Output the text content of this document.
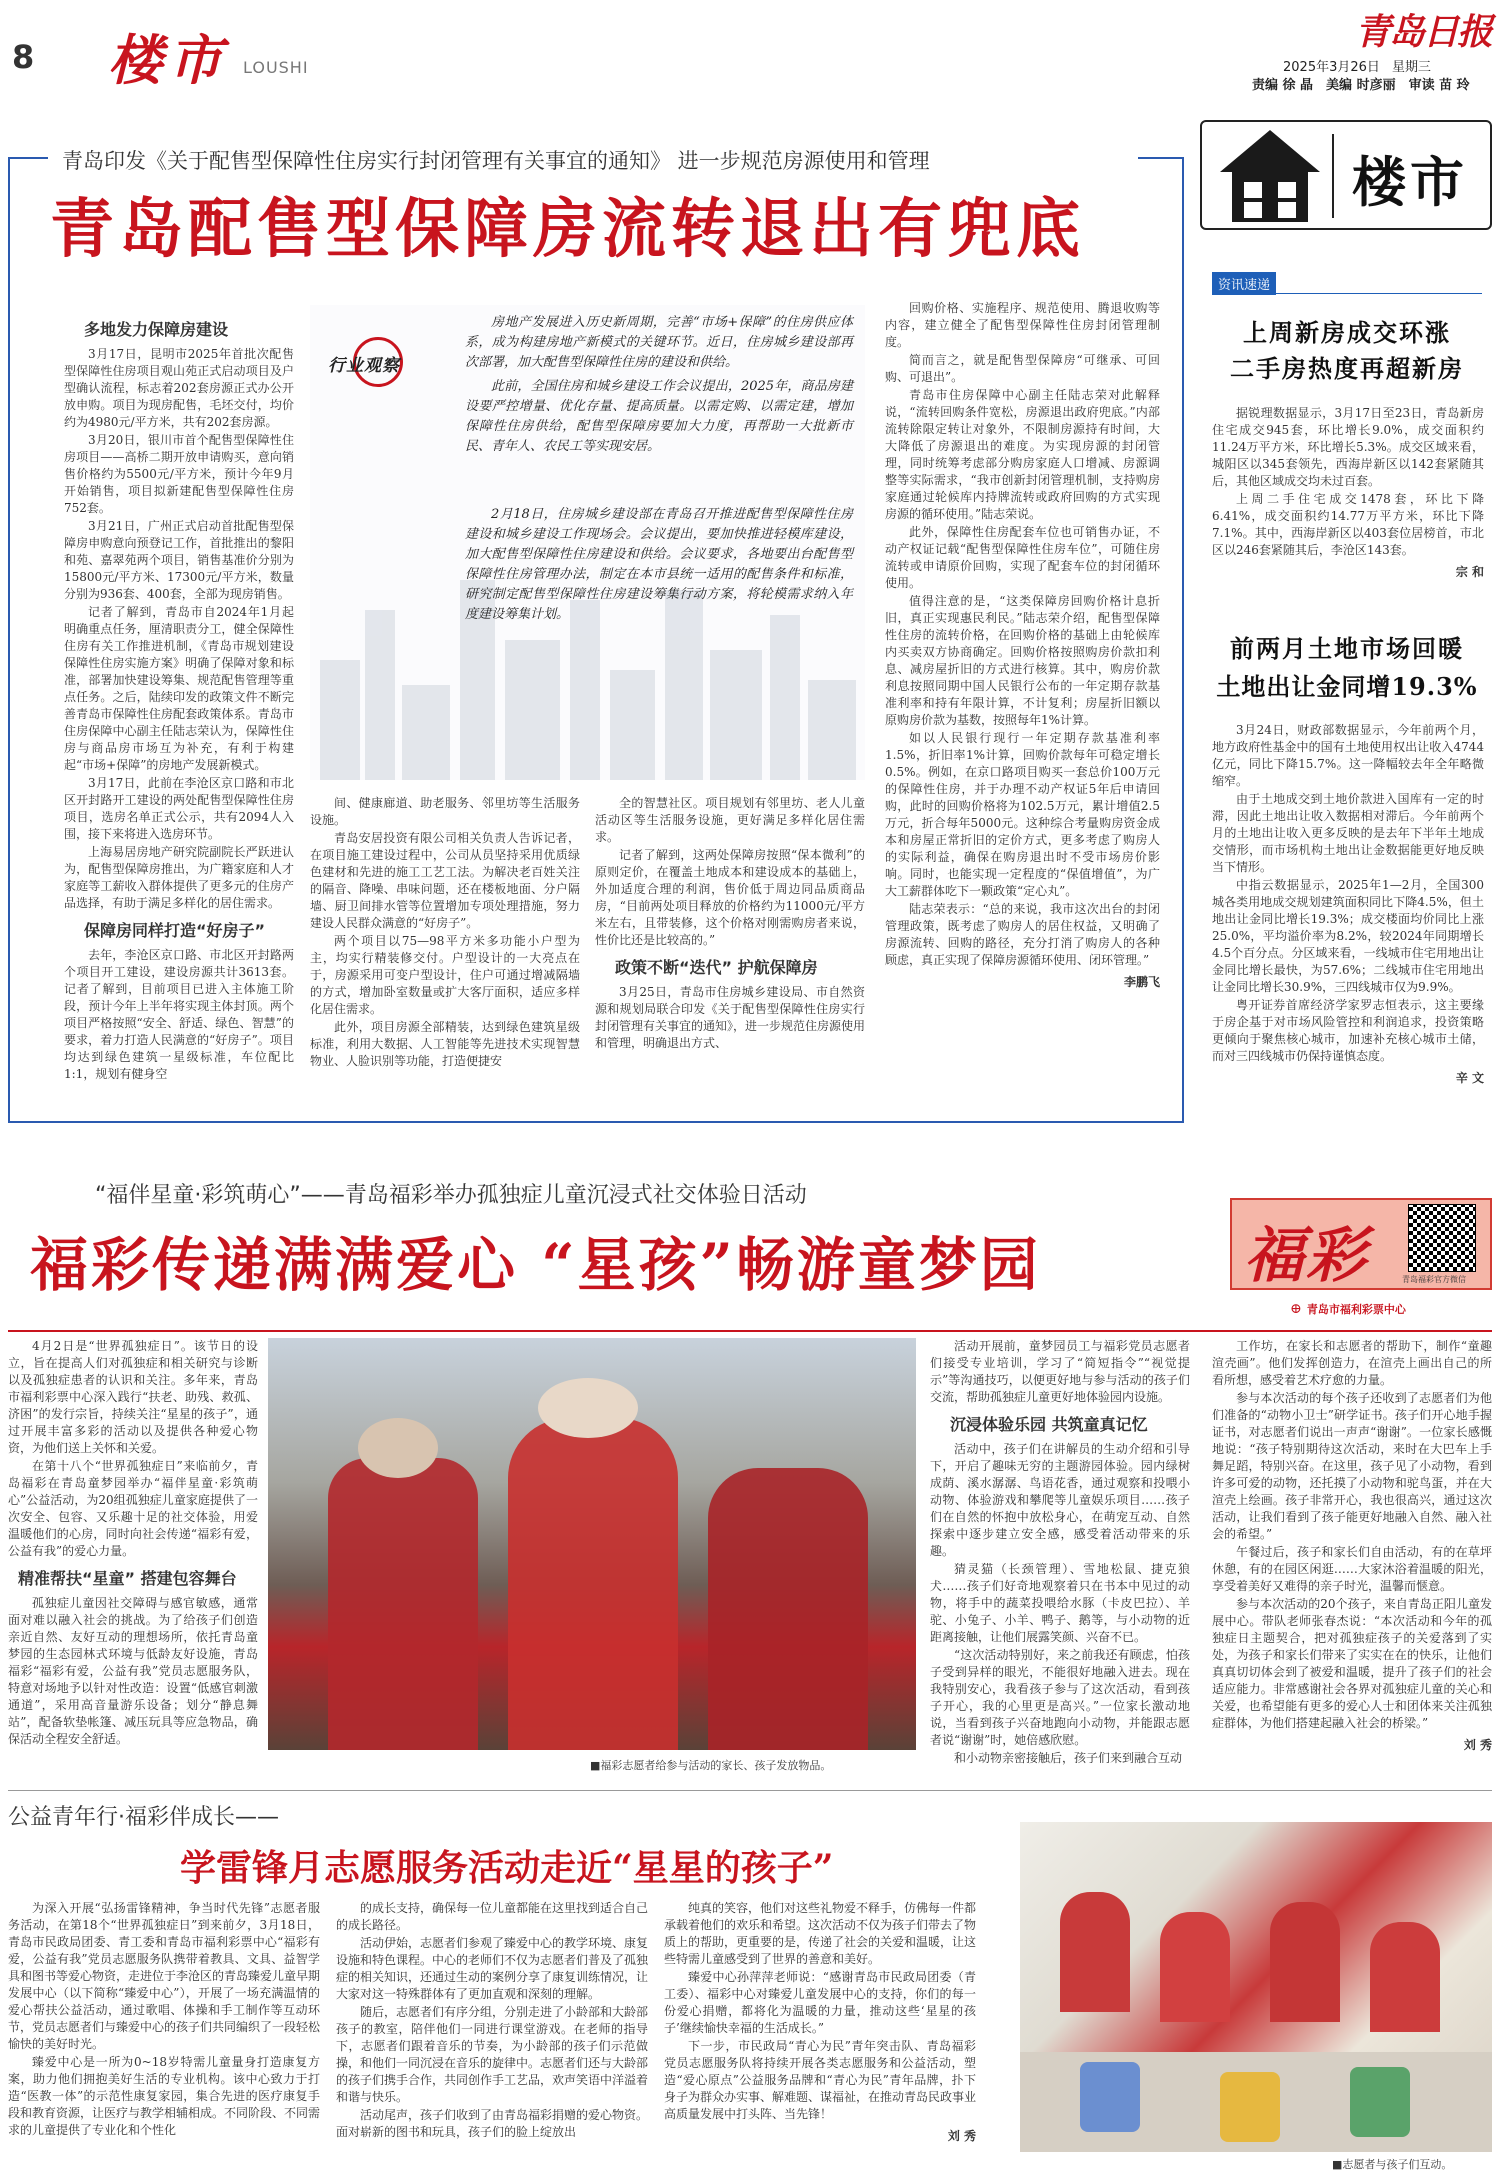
8 楼市 LOUSHI
青岛日报
2025年3月26日 星期三
责编 徐 晶　美编 时彦丽　审读 苗 玲
青岛印发《关于配售型保障性住房实行封闭管理有关事宜的通知》 进一步规范房源使用和管理
青岛配售型保障房流转退出有兜底
多地发力保障房建设

3月17日，昆明市2025年首批次配售型保障性住房项目观山苑正式启动项目及户型确认流程，标志着202套房源正式办公开放申购。项目为现房配售，毛坯交付，均价约为4980元/平方米，共有202套房源。

3月20日，银川市首个配售型保障性住房项目——高桥二期开放申请购买，意向销售价格约为5500元/平方米，预计今年9月开始销售，项目拟新建配售型保障性住房752套。

3月21日，广州正式启动首批配售型保障房申购意向预登记工作，首批推出的黎阳和苑、嘉翠苑两个项目，销售基准价分别为15800元/平方米、17300元/平方米，数量分别为936套、400套，全部为现房销售。

记者了解到，青岛市自2024年1月起明确重点任务，厘清职责分工，健全保障性住房有关工作推进机制，《青岛市规划建设保障性住房实施方案》明确了保障对象和标准，部署加快建设筹集、规范配售管理等重点任务。之后，陆续印发的政策文件不断完善青岛市保障性住房配套政策体系。青岛市住房保障中心副主任陆志荣认为，保障性住房与商品房市场互为补充，有利于构建起“市场+保障”的房地产发展新模式。

3月17日，此前在李沧区京口路和市北区开封路开工建设的两处配售型保障性住房项目，选房名单正式公示，共有2094人入围，接下来将进入选房环节。

上海易居房地产研究院副院长严跃进认为，配售型保障房推出，为广籍家庭和人才家庭等工薪收入群体提供了更多元的住房产品选择，有助于满足多样化的居住需求。

保障房同样打造“好房子”

去年，李沧区京口路、市北区开封路两个项目开工建设，建设房源共计3613套。记者了解到，目前项目已进入主体施工阶段，预计今年上半年将实现主体封顶。两个项目严格按照“安全、舒适、绿色、智慧”的要求，着力打造人民满意的“好房子”。项目均达到绿色建筑一星级标准，车位配比1:1，规划有健身空

行业观察

房地产发展进入历史新周期，完善“市场+保障”的住房供应体系，成为构建房地产新模式的关键环节。近日，住房城乡建设部再次部署，加大配售型保障性住房的建设和供给。

此前，全国住房和城乡建设工作会议提出，2025年，商品房建设要严控增量、优化存量、提高质量。以需定购、以需定建，增加保障性住房供给，配售型保障房要加大力度，再帮助一大批新市民、青年人、农民工等实现安居。

2月18日，住房城乡建设部在青岛召开推进配售型保障性住房建设和城乡建设工作现场会。会议提出，要加快推进轻模库建设，加大配售型保障性住房建设和供给。会议要求，各地要出台配售型保障性住房管理办法，制定在本市县统一适用的配售条件和标准，研究制定配售型保障性住房建设筹集行动方案，将轮模需求纳入年度建设筹集计划。

间、健康廊道、助老服务、邻里坊等生活服务设施。

青岛安居投资有限公司相关负责人告诉记者，在项目施工建设过程中，公司从员坚持采用优质绿色建材和先进的施工工艺工法。为解决老百姓关注的隔音、降噪、串味问题，还在楼板地面、分户隔墙、厨卫间排水管等位置增加专项处理措施，努力建设人民群众满意的“好房子”。

两个项目以75—98平方米多功能小户型为主，均实行精装修交付。户型设计的一大亮点在于，房源采用可变户型设计，住户可通过增减隔墙的方式，增加卧室数量或扩大客厅面积，适应多样化居住需求。

此外，项目房源全部精装，达到绿色建筑星级标准，利用大数据、人工智能等先进技术实现智慧物业、人脸识别等功能，打造便捷安

全的智慧社区。项目规划有邻里坊、老人儿童活动区等生活服务设施，更好满足多样化居住需求。

记者了解到，这两处保障房按照“保本微利”的原则定价，在覆盖土地成本和建设成本的基础上，外加适度合理的利润，售价低于周边同品质商品房，“目前两处项目释放的价格约为11000元/平方米左右，且带装修，这个价格对刚需购房者来说，性价比还是比较高的。”

政策不断“迭代” 护航保障房

3月25日，青岛市住房城乡建设局、市自然资源和规划局联合印发《关于配售型保障性住房实行封闭管理有关事宜的通知》，进一步规范住房源使用和管理，明确退出方式、

回购价格、实施程序、规范使用、腾退收购等内容，建立健全了配售型保障性住房封闭管理制度。

简而言之，就是配售型保障房“可继承、可回购、可退出”。

青岛市住房保障中心副主任陆志荣对此解释说，“流转回购条件宽松，房源退出政府兜底。”内部流转除限定转让对象外，不限制房源持有时间，大大降低了房源退出的难度。为实现房源的封闭管理，同时统筹考虑部分购房家庭人口增减、房源调整等实际需求，“我市创新封闭管理机制，支持购房家庭通过轮候库内持牌流转或政府回购的方式实现房源的循环使用。”陆志荣说。

此外，保障性住房配套车位也可销售办证，不动产权证记载“配售型保障性住房车位”，可随住房流转或申请原价回购，实现了配套车位的封闭循环使用。

值得注意的是，“这类保障房回购价格计息折旧，真正实现惠民利民。”陆志荣介绍，配售型保障性住房的流转价格，在回购价格的基础上由轮候库内买卖双方协商确定。回购价格按照购房价款扣利息、减房屋折旧的方式进行核算。其中，购房价款利息按照同期中国人民银行公布的一年定期存款基准利率和持有年限计算，不计复利；房屋折旧额以原购房价款为基数，按照每年1%计算。

如以人民银行现行一年定期存款基准利率1.5%，折旧率1%计算，回购价款每年可稳定增长0.5%。例如，在京口路项目购买一套总价100万元的保障性住房，并于办理不动产权证5年后申请回购，此时的回购价格将为102.5万元，累计增值2.5万元，折合每年5000元。这种综合考量购房资金成本和房屋正常折旧的定价方式，更多考虑了购房人的实际利益，确保在购房退出时不受市场房价影响。同时，也能实现一定程度的“保值增值”，为广大工薪群体吃下一颗政策“定心丸”。

陆志荣表示：“总的来说，我市这次出台的封闭管理政策，既考虑了购房人的居住权益，又明确了房源流转、回购的路径，充分打消了购房人的各种顾虑，真正实现了保障房源循环使用、闭环管理。”

李鹏飞
楼市
资讯速递
上周新房成交环涨
二手房热度再超新房

据锐理数据显示，3月17日至23日，青岛新房住宅成交945套，环比增长9.0%，成交面积约11.24万平方米，环比增长5.3%。成交区域来看，城阳区以345套领先，西海岸新区以142套紧随其后，其他区域成交均未过百套。

上周二手住宅成交1478套，环比下降6.41%，成交面积约14.77万平方米，环比下降7.1%。其中，西海岸新区以403套位居榜首，市北区以246套紧随其后，李沧区143套。

宗 和
前两月土地市场回暖
土地出让金同增19.3%

3月24日，财政部数据显示，今年前两个月，地方政府性基金中的国有土地使用权出让收入4744亿元，同比下降15.7%。这一降幅较去年全年略微缩窄。

由于土地成交到土地价款进入国库有一定的时滞，因此土地出让收入数据相对滞后。今年前两个月的土地出让收入更多反映的是去年下半年土地成交情形，而市场机构土地出让金数据能更好地反映当下情形。

中指云数据显示，2025年1—2月，全国300城各类用地成交规划建筑面积同比下降4.5%，但土地出让金同比增长19.3%；成交楼面均价同比上涨25.0%，平均溢价率为8.2%，较2024年同期增长4.5个百分点。分区域来看，一线城市住宅用地出让金同比增长最快，为57.6%；二线城市住宅用地出让金同比增长30.9%，三四线城市仅为9.9%。

粤开证券首席经济学家罗志恒表示，这主要缘于房企基于对市场风险管控和利润追求，投资策略更倾向于聚焦核心城市，加速补充核心城市土储，而对三四线城市仍保持谨慎态度。

辛 文
“福伴星童·彩筑萌心”——青岛福彩举办孤独症儿童沉浸式社交体验日活动
福彩传递满满爱心 “星孩”畅游童梦园	福彩	青岛福彩官方微信
⊕ 青岛市福利彩票中心

4月2日是“世界孤独症日”。该节日的设立，旨在提高人们对孤独症和相关研究与诊断以及孤独症患者的认识和关注。多年来，青岛市福利彩票中心深入践行“扶老、助残、救孤、济困”的发行宗旨，持续关注“星星的孩子”，通过开展丰富多彩的活动以及提供各种爱心物资，为他们送上关怀和关爱。

在第十八个“世界孤独症日”来临前夕，青岛福彩在青岛童梦园举办“福伴星童·彩筑萌心”公益活动，为20组孤独症儿童家庭提供了一次安全、包容、又乐趣十足的社交体验，用爱温暖他们的心房，同时向社会传递“福彩有爱，公益有我”的爱心力量。

精准帮扶“星童” 搭建包容舞台

孤独症儿童因社交障碍与感官敏感，通常面对难以融入社会的挑战。为了给孩子们创造亲近自然、友好互动的理想场所，依托青岛童梦园的生态园林式环境与低龄友好设施，青岛福彩“福彩有爱，公益有我”党员志愿服务队，特意对场地予以针对性改造：设置“低感官刺激通道”，采用高音量游乐设备；划分“静息舞站”，配备软垫帐篷、减压玩具等应急物品，确保活动全程安全舒适。

■福彩志愿者给参与活动的家长、孩子发放物品。

活动开展前，童梦园员工与福彩党员志愿者们接受专业培训，学习了“简短指令”“视觉提示”等沟通技巧，以便更好地与参与活动的孩子们交流，帮助孤独症儿童更好地体验园内设施。

沉浸体验乐园 共筑童真记忆

活动中，孩子们在讲解员的生动介绍和引导下，开启了趣味无穷的主题游园体验。园内绿树成荫、溪水潺潺、鸟语花香，通过观察和投喂小动物、体验游戏和攀爬等儿童娱乐项目……孩子们在自然的怀抱中放松身心，在萌宠互动、自然探索中逐步建立安全感，感受着活动带来的乐趣。

猜灵猫（长颈管理）、雪地松鼠、捷克狼犬……孩子们好奇地观察着只在书本中见过的动物，将手中的蔬菜投喂给水豚（卡皮巴拉）、羊驼、小兔子、小羊、鸭子、鹅等，与小动物的近距离接触，让他们展露笑颜、兴奋不已。

“这次活动特别好，来之前我还有顾虑，怕孩子受到异样的眼光，不能很好地融入进去。现在我特别安心，我看孩子参与了这次活动，看到孩子开心，我的心里更是高兴。”一位家长激动地说，当看到孩子兴奋地跑向小动物，并能跟志愿者说“谢谢”时，她倍感欣慰。

和小动物亲密接触后，孩子们来到融合互动

工作坊，在家长和志愿者的帮助下，制作“童趣渲壳画”。他们发挥创造力，在渲壳上画出自己的所看所想，感受着艺术疗愈的力量。

参与本次活动的每个孩子还收到了志愿者们为他们准备的“动物小卫士”研学证书。孩子们开心地手握证书，对志愿者们说出一声声“谢谢”。一位家长感慨地说：“孩子特别期待这次活动，来时在大巴车上手舞足蹈，特别兴奋。在这里，孩子见了小动物，看到许多可爱的动物，还托摸了小动物和驼鸟蛋，并在大渲壳上绘画。孩子非常开心，我也很高兴，通过这次活动，让我们看到了孩子能更好地融入自然、融入社会的希望。”

午餐过后，孩子和家长们自由活动，有的在草坪休憩，有的在园区闲逛……大家沐浴着温暖的阳光，享受着美好又难得的亲子时光，温馨而惬意。

参与本次活动的20个孩子，来自青岛正阳儿童发展中心。带队老师张春杰说：“本次活动和今年的孤独症日主题契合，把对孤独症孩子的关爱落到了实处，为孩子和家长们带来了实实在在的快乐，让他们真真切切体会到了被爱和温暖，提升了孩子们的社会适应能力。非常感谢社会各界对孤独症儿童的关心和关爱，也希望能有更多的爱心人士和团体来关注孤独症群体，为他们搭建起融入社会的桥梁。”

刘 秀
公益青年行·福彩伴成长——
学雷锋月志愿服务活动走近“星星的孩子”

为深入开展“弘扬雷锋精神，争当时代先锋”志愿者服务活动，在第18个“世界孤独症日”到来前夕，3月18日，青岛市民政局团委、青工委和青岛市福利彩票中心“福彩有爱，公益有我”党员志愿服务队携带着教具、文具、益智学具和图书等爱心物资，走进位于李沧区的青岛臻爱儿童早期发展中心（以下简称“臻爱中心”），开展了一场充满温情的爱心帮扶公益活动，通过歌唱、体操和手工制作等互动环节，党员志愿者们与臻爱中心的孩子们共同编织了一段轻松愉快的美好时光。

臻爱中心是一所为0~18岁特需儿童量身打造康复方案，助力他们拥抱美好生活的专业机构。该中心致力于打造“医教一体”的示范性康复家园，集合先进的医疗康复手段和教育资源，让医疗与教学相辅相成。不同阶段、不同需求的儿童提供了专业化和个性化

的成长支持，确保每一位儿童都能在这里找到适合自己的成长路径。

活动伊始，志愿者们参观了臻爱中心的教学环境、康复设施和特色课程。中心的老师们不仅为志愿者们普及了孤独症的相关知识，还通过生动的案例分享了康复训练情况，让大家对这一特殊群体有了更加直观和深刻的理解。

随后，志愿者们有序分组，分别走进了小龄部和大龄部孩子的教室，陪伴他们一同进行课堂游戏。在老师的指导下，志愿者们跟着音乐的节奏，为小龄部的孩子们示范做操，和他们一同沉浸在音乐的旋律中。志愿者们还与大龄部的孩子们携手合作，共同创作手工艺品，欢声笑语中洋溢着和谐与快乐。

活动尾声，孩子们收到了由青岛福彩捐赠的爱心物资。面对崭新的图书和玩具，孩子们的脸上绽放出

纯真的笑容，他们对这些礼物爱不释手，仿佛每一件都承载着他们的欢乐和希望。这次活动不仅为孩子们带去了物质上的帮助，更重要的是，传递了社会的关爱和温暖，让这些特需儿童感受到了世界的善意和美好。

臻爱中心孙萍萍老师说：“感谢青岛市民政局团委（青工委）、福彩中心对臻爱儿童发展中心的支持，你们的每一份爱心捐赠，都将化为温暖的力量，推动这些‘星星的孩子’继续愉快幸福的生活成长。”

下一步，市民政局“青心为民”青年突击队、青岛福彩党员志愿服务队将持续开展各类志愿服务和公益活动，塑造“爱心原点”公益服务品牌和“青心为民”青年品牌，扑下身子为群众办实事、解难题、谋福祉，在推动青岛民政事业高质量发展中打头阵、当先锋！

刘 秀
■志愿者与孩子们互动。
